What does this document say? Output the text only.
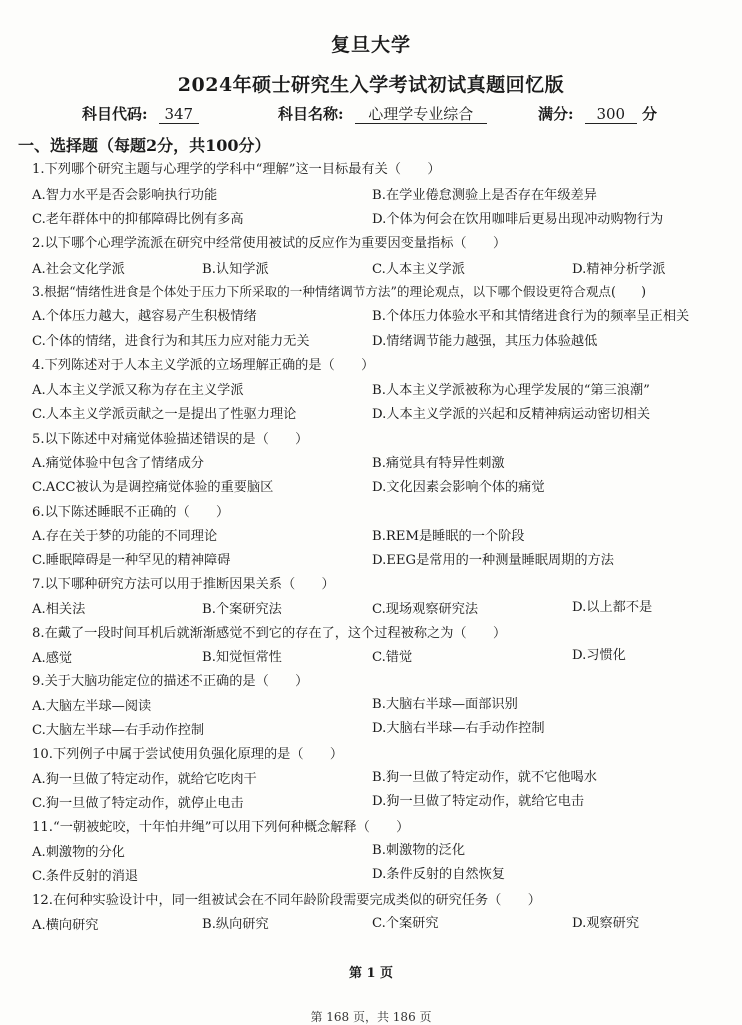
复旦大学
2024年硕士研究生入学考试初试真题回忆版
科目代码: 347	科目名称: 心理学专业综合	满分: 300 分
一、选择题（每题2分，共100分）
1.下列哪个研究主题与心理学的学科中“理解”这一目标最有关（　　）
A.智力水平是否会影响执行功能	B.在学业倦怠测验上是否存在年级差异
C.老年群体中的抑郁障碍比例有多高	D.个体为何会在饮用咖啡后更易出现冲动购物行为
2.以下哪个心理学流派在研究中经常使用被试的反应作为重要因变量指标（　　）
A.社会文化学派	B.认知学派	C.人本主义学派	D.精神分析学派
3.根据“情绪性进食是个体处于压力下所采取的一种情绪调节方法”的理论观点，以下哪个假设更符合观点(　　)
A.个体压力越大，越容易产生积极情绪	B.个体压力体验水平和其情绪进食行为的频率呈正相关
C.个体的情绪，进食行为和其压力应对能力无关	D.情绪调节能力越强，其压力体验越低
4.下列陈述对于人本主义学派的立场理解正确的是（　　）
A.人本主义学派又称为存在主义学派	B.人本主义学派被称为心理学发展的“第三浪潮”
C.人本主义学派贡献之一是提出了性驱力理论	D.人本主义学派的兴起和反精神病运动密切相关
5.以下陈述中对痛觉体验描述错误的是（　　）
A.痛觉体验中包含了情绪成分	B.痛觉具有特异性刺激
C.ACC被认为是调控痛觉体验的重要脑区	D.文化因素会影响个体的痛觉
6.以下陈述睡眠不正确的（　　）
A.存在关于梦的功能的不同理论	B.REM是睡眠的一个阶段
C.睡眠障碍是一种罕见的精神障碍	D.EEG是常用的一种测量睡眠周期的方法
7.以下哪种研究方法可以用于推断因果关系（　　）
A.相关法	B.个案研究法	C.现场观察研究法	D.以上都不是
8.在戴了一段时间耳机后就渐渐感觉不到它的存在了，这个过程被称之为（　　）
A.感觉	B.知觉恒常性	C.错觉	D.习惯化
9.关于大脑功能定位的描述不正确的是（　　）
A.大脑左半球—阅读	B.大脑右半球—面部识别
C.大脑左半球—右手动作控制	D.大脑右半球—右手动作控制
10.下列例子中属于尝试使用负强化原理的是（　　）
A.狗一旦做了特定动作，就给它吃肉干	B.狗一旦做了特定动作，就不它他喝水
C.狗一旦做了特定动作，就停止电击	D.狗一旦做了特定动作，就给它电击
11.“一朝被蛇咬，十年怕井绳”可以用下列何种概念解释（　　）
A.刺激物的分化	B.刺激物的泛化
C.条件反射的消退	D.条件反射的自然恢复
12.在何种实验设计中，同一组被试会在不同年龄阶段需要完成类似的研究任务（　　）
A.横向研究	B.纵向研究	C.个案研究	D.观察研究
第 1 页
第 168 页，共 186 页
